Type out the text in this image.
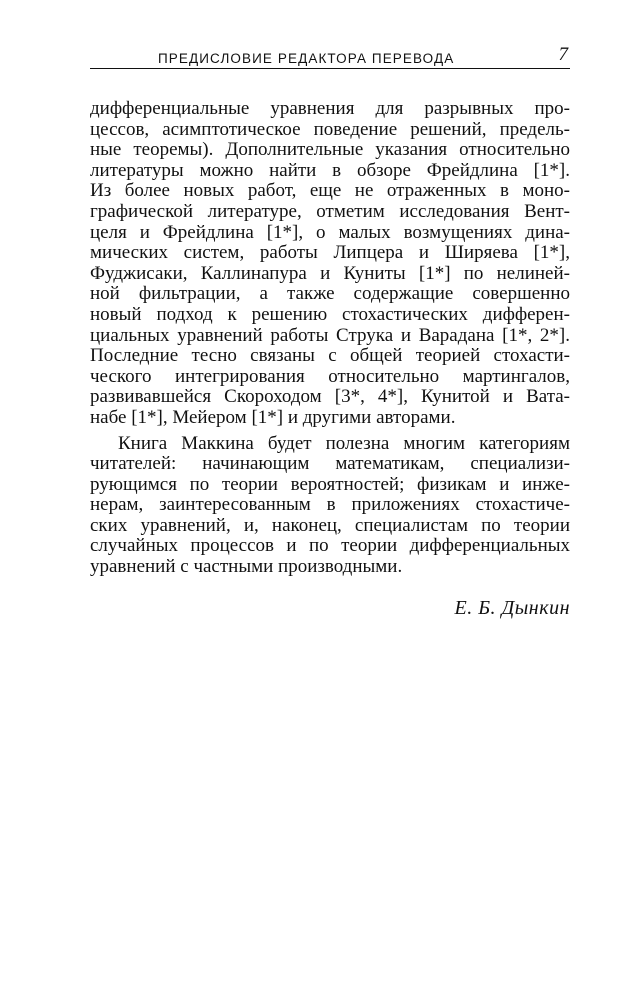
ПРЕДИСЛОВИЕ РЕДАКТОРА ПЕРЕВОДА	7
дифференциальные уравнения для разрывных про-
цессов, асимптотическое поведение решений, предель-
ные теоремы). Дополнительные указания относительно
литературы можно найти в обзоре Фрейдлина [1*].
Из более новых работ, еще не отраженных в моно-
графической литературе, отметим исследования Вент-
целя и Фрейдлина [1*], о малых возмущениях дина-
мических систем, работы Липцера и Ширяева [1*],
Фуджисаки, Каллинапура и Куниты [1*] по нелиней-
ной фильтрации, а также содержащие совершенно
новый подход к решению стохастических дифферен-
циальных уравнений работы Струка и Варадана [1*, 2*].
Последние тесно связаны с общей теорией стохасти-
ческого интегрирования относительно мартингалов,
развивавшейся Скороходом [3*, 4*], Кунитой и Вата-
набе [1*], Мейером [1*] и другими авторами.
Книга Маккина будет полезна многим категориям
читателей: начинающим математикам, специализи-
рующимся по теории вероятностей; физикам и инже-
нерам, заинтересованным в приложениях стохастиче-
ских уравнений, и, наконец, специалистам по теории
случайных процессов и по теории дифференциальных
уравнений с частными производными.
Е. Б. Дынкин
